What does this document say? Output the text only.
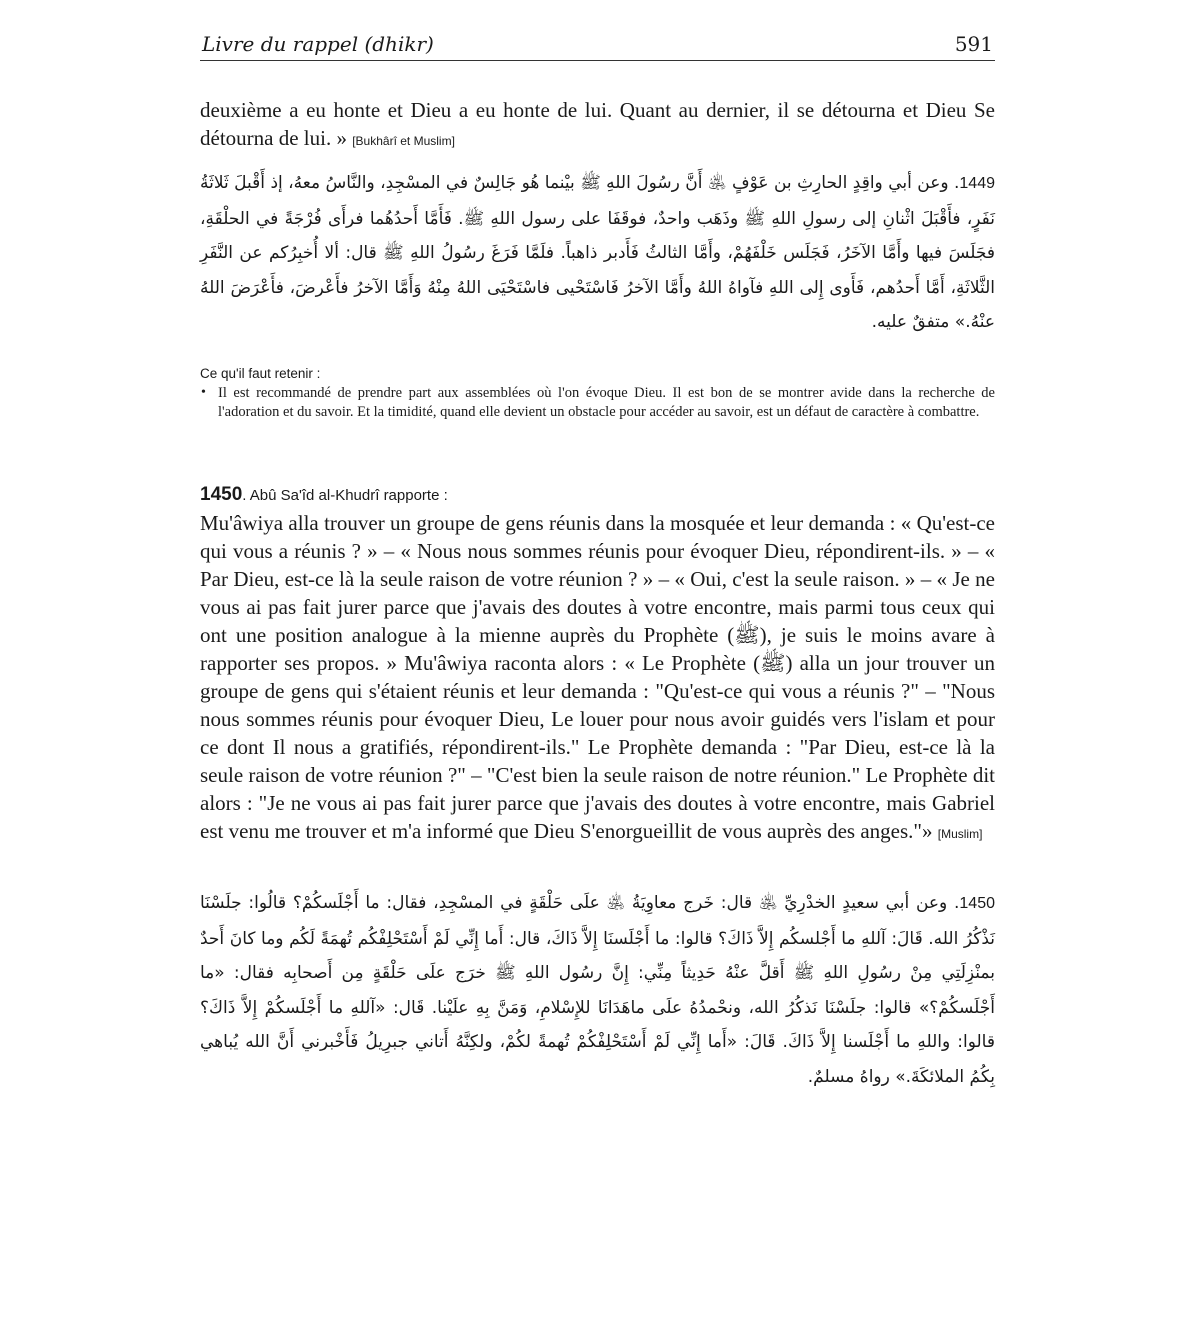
Livre du rappel (dhikr)	591
deuxième a eu honte et Dieu a eu honte de lui. Quant au dernier, il se détourna et Dieu Se détourna de lui. » [Bukhârî et Muslim]
1449. وعن أبي واقِدٍ الحارِثِ بن عَوْفٍ ﵁ أَنَّ رسُولَ اللهِ ﷺ بيْنما هُو جَالِسٌ في المسْجِدِ، والنَّاسُ معهُ، إذ أَقْبلَ ثَلاثَةُ نَفَرٍ، فأَقْبَلَ اثْنانِ إلى رسولِ اللهِ ﷺ وذَهَب واحدٌ، فوقَفَا على رسول اللهِ ﷺ. فَأَمَّا أَحدُهُما فرأَى فُرْجَةً في الحلْقَةِ، فجَلَسَ فيها وأَمَّا الآخَرُ، فَجَلَس خَلْفَهُمْ، وأَمَّا الثالثُ فَأَدبر ذاهباً. فلَمَّا فَرَغَ رسُولُ اللهِ ﷺ قال: ألا أُخبِرُكم عن النَّفَرِ الثَّلاثَةِ، أَمَّا أَحدُهم، فَأَوى إِلى اللهِ فآواهُ اللهُ وأَمَّا الآخرُ فَاسْتَحْيى فاسْتَحْيَى اللهُ مِنْهُ وَأَمَّا الآخرُ فأَعْرضَ، فأَعْرَضَ اللهُ عنْهُ.» متفقٌ عليه.
Ce qu'il faut retenir :
• Il est recommandé de prendre part aux assemblées où l'on évoque Dieu. Il est bon de se montrer avide dans la recherche de l'adoration et du savoir. Et la timidité, quand elle devient un obstacle pour accéder au savoir, est un défaut de caractère à combattre.
1450. Abû Sa'îd al-Khudrî rapporte :
Mu'âwiya alla trouver un groupe de gens réunis dans la mosquée et leur demanda : « Qu'est-ce qui vous a réunis ? » – « Nous nous sommes réunis pour évoquer Dieu, répondirent-ils. » – « Par Dieu, est-ce là la seule raison de votre réunion ? » – « Oui, c'est la seule raison. » – « Je ne vous ai pas fait jurer parce que j'avais des doutes à votre encontre, mais parmi tous ceux qui ont une position analogue à la mienne auprès du Prophète (ﷺ), je suis le moins avare à rapporter ses propos. » Mu'âwiya raconta alors : « Le Prophète (ﷺ) alla un jour trouver un groupe de gens qui s'étaient réunis et leur demanda : "Qu'est-ce qui vous a réunis ?" – "Nous nous sommes réunis pour évoquer Dieu, Le louer pour nous avoir guidés vers l'islam et pour ce dont Il nous a gratifiés, répondirent-ils." Le Prophète demanda : "Par Dieu, est-ce là la seule raison de votre réunion ?" – "C'est bien la seule raison de notre réunion." Le Prophète dit alors : "Je ne vous ai pas fait jurer parce que j'avais des doutes à votre encontre, mais Gabriel est venu me trouver et m'a informé que Dieu S'enorgueillit de vous auprès des anges."» [Muslim]
1450. وعن أبي سعيدٍ الخدْرِيِّ ﵁ قال: خَرج معاوِيَةُ ﵁ علَى حَلْقَةٍ في المسْجِدِ، فقال: ما أَجْلَسكُمْ؟ قالُوا: جلَسْنَا نَذْكُرُ الله. قَالَ: آللهِ ما أَجْلسكُم إِلاَّ ذَاكَ؟ قالوا: ما أَجْلَسنَا إِلاَّ ذَاكَ، قال: أَما إِنِّي لَمْ أَسْتَحْلِفْكُم تُهمَةً لَكُم وما كانَ أَحدٌ بمنْزِلَتِي مِنْ رسُولِ اللهِ ﷺ أَقلَّ عنْهُ حَدِيثاً مِنِّي: إِنَّ رسُول اللهِ ﷺ خرَج علَى حَلْقَةٍ مِن أَصحابِه فقال: «ما أَجْلَسكُمْ؟» قالوا: جلَسْنَا نَذكُرُ الله، ونحْمدُهُ علَى ماهَدَانَا للإِسْلامِ، وَمَنَّ بِهِ علَيْنا. قَال: «آللهِ ما أَجْلَسكُمْ إِلاَّ ذَاكَ؟ قالوا: واللهِ ما أَجْلَسنا إِلاَّ ذَاكَ. قَالَ: «أَما إِنِّي لَمْ أَسْتَحْلِفْكُمْ تُهمةً لكُمْ، ولكِنَّهُ أَتاني جبرِيلُ فَأَخْبرني أَنَّ الله يُباهي بِكُمُ الملائكَةَ.» رواهُ مسلمٌ.
